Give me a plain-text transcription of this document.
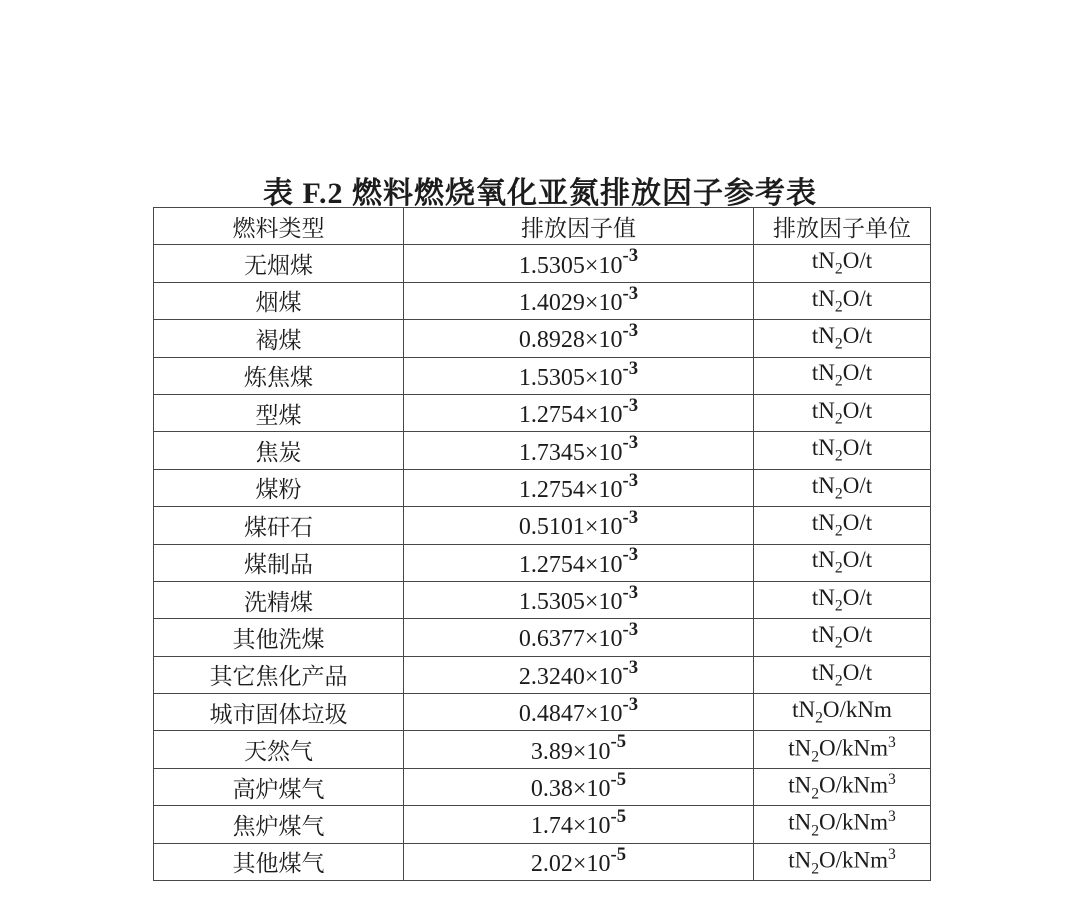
表 F.2 燃料燃烧氧化亚氮排放因子参考表
燃料类型	排放因子值	排放因子单位
无烟煤	$1.5305\times 10^{-3}$	$tN_2O/t$
烟煤	$1.4029\times 10^{-3}$	$tN_2O/t$
褐煤	$0.8928\times 10^{-3}$	$tN_2O/t$
炼焦煤	$1.5305\times 10^{-3}$	$tN_2O/t$
型煤	$1.2754\times 10^{-3}$	$tN_2O/t$
焦炭	$1.7345\times 10^{-3}$	$tN_2O/t$
煤粉	$1.2754\times 10^{-3}$	$tN_2O/t$
煤矸石	$0.5101\times 10^{-3}$	$tN_2O/t$
煤制品	$1.2754\times 10^{-3}$	$tN_2O/t$
洗精煤	$1.5305\times 10^{-3}$	$tN_2O/t$
其他洗煤	$0.6377\times 10^{-3}$	$tN_2O/t$
其它焦化产品	$2.3240\times 10^{-3}$	$tN_2O/t$
城市固体垃圾	$0.4847\times 10^{-3}$	$tN_2O$/kNm
天然气	$3.89\times 10^{-5}$	$tN_2O/kNm^3$
高炉煤气	$0.38\times 10^{-5}$	$tN_2O/kNm^3$
焦炉煤气	$1.74\times 10^{-5}$	$tN_2O/kNm^3$
其他煤气	$2.02\times 10^{-5}$	$tN_2O/kNm^3$
